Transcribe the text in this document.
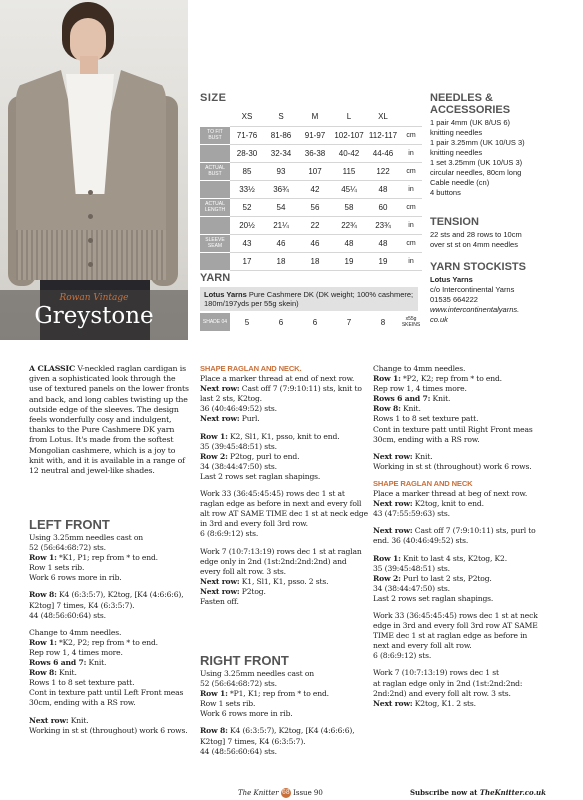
Rowan Vintage
Greystone
SIZE
	XS	S	M	L	XL	
TO FIT BUST	71-76	81-86	91-97	102-107	112-117	cm
	28-30	32-34	36-38	40-42	44-46	in
ACTUAL BUST	85	93	107	115	122	cm
	33½	36¾	42	45¼	48	in
ACTUAL LENGTH	52	54	56	58	60	cm
	20½	21¼	22	22¾	23¾	in
SLEEVE SEAM	43	46	46	48	48	cm
	17	18	18	19	19	in
YARN
Lotus Yarns Pure Cashmere DK (DK weight; 100% cashmere; 180m/197yds per 55g skein)
SHADE 04	5	6	6	7	8	x55g SKEINS
NEEDLES & ACCESSORIES
1 pair 4mm (UK 8/US 6)
knitting needles
1 pair 3.25mm (UK 10/US 3)
knitting needles
1 set 3.25mm (UK 10/US 3)
circular needles, 80cm long
Cable needle (cn)
4 buttons
TENSION
22 sts and 28 rows to 10cm
over st st on 4mm needles
YARN STOCKISTS
Lotus Yarns
c/o Intercontinental Yarns
01535 664222
www.intercontinentalyarns.
co.uk
A CLASSIC V-neckled raglan cardigan is given a sophisticated look through the use of textured panels on the lower fronts and back, and long cables twisting up the outside edge of the sleeves. The design feels wonderfully cosy and indulgent, thanks to the Pure Cashmere DK yarn from Lotus. It's made from the softest Mongolian cashmere, which is a joy to knit with, and it is available in a range of 12 neutral and jewel-like shades.
LEFT FRONT

Using 3.25mm needles cast on

52 (56:64:68:72) sts.

Row 1: *K1, P1; rep from * to end.

Row 1 sets rib.

Work 6 rows more in rib.

Row 8: K4 (6:3:5:7), K2tog, [K4 (4:6:6:6),

K2tog] 7 times, K4 (6:3:5:7).

44 (48:56:60:64) sts.

Change to 4mm needles.

Row 1: *K2, P2; rep from * to end.

Rep row 1, 4 times more.

Rows 6 and 7: Knit.

Row 8: Knit.

Rows 1 to 8 set texture patt.

Cont in texture patt until Left Front meas

30cm, ending with a RS row.

Next row: Knit.

Working in st st (throughout) work 6 rows.

SHAPE RAGLAN AND NECK.

Place a marker thread at end of next row.

Next row: Cast off 7 (7:9:10:11) sts, knit to

last 2 sts, K2tog.

36 (40:46:49:52) sts.

Next row: Purl.

Row 1: K2, Sl1, K1, psso, knit to end.

35 (39:45:48:51) sts.

Row 2: P2tog, purl to end.

34 (38:44:47:50) sts.

Last 2 rows set raglan shapings.

Work 33 (36:45:45:45) rows dec 1 st at

raglan edge as before in next and every foll

alt row AT SAME TIME dec 1 st at neck edge

in 3rd and every foll 3rd row.

6 (8:6:9:12) sts.

Work 7 (10:7:13:19) rows dec 1 st at raglan

edge only in 2nd (1st:2nd:2nd:2nd) and

every foll alt row. 3 sts.

Next row: K1, Sl1, K1, psso. 2 sts.

Next row: P2tog.

Fasten off.

RIGHT FRONT

Using 3.25mm needles cast on

52 (56:64:68:72) sts.

Row 1: *P1, K1; rep from * to end.

Row 1 sets rib.

Work 6 rows more in rib.

Row 8: K4 (6:3:5:7), K2tog, [K4 (4:6:6:6),

K2tog] 7 times, K4 (6:3:5:7).

44 (48:56:60:64) sts.

Change to 4mm needles.

Row 1: *P2, K2; rep from * to end.

Rep row 1, 4 times more.

Rows 6 and 7: Knit.

Row 8: Knit.

Rows 1 to 8 set texture patt.

Cont in texture patt until Right Front meas

30cm, ending with a RS row.

Next row: Knit.

Working in st st (throughout) work 6 rows.

SHAPE RAGLAN AND NECK

Place a marker thread at beg of next row.

Next row: K2tog, knit to end.

43 (47:55:59:63) sts.

Next row: Cast off 7 (7:9:10:11) sts, purl to

end. 36 (40:46:49:52) sts.

Row 1: Knit to last 4 sts, K2tog, K2.

35 (39:45:48:51) sts.

Row 2: Purl to last 2 sts, P2tog.

34 (38:44:47:50) sts.

Last 2 rows set raglan shapings.

Work 33 (36:45:45:45) rows dec 1 st at neck

edge in 3rd and every foll 3rd row AT SAME

TIME dec 1 st at raglan edge as before in

next and every foll alt row.

6 (8:6:9:12) sts.

Work 7 (10:7:13:19) rows dec 1 st

at raglan edge only in 2nd (1st:2nd:2nd:

2nd:2nd) and every foll alt row. 3 sts.

Next row: K2tog, K1. 2 sts.

The Knitter 68 Issue 90	Subscribe now at TheKnitter.co.uk
